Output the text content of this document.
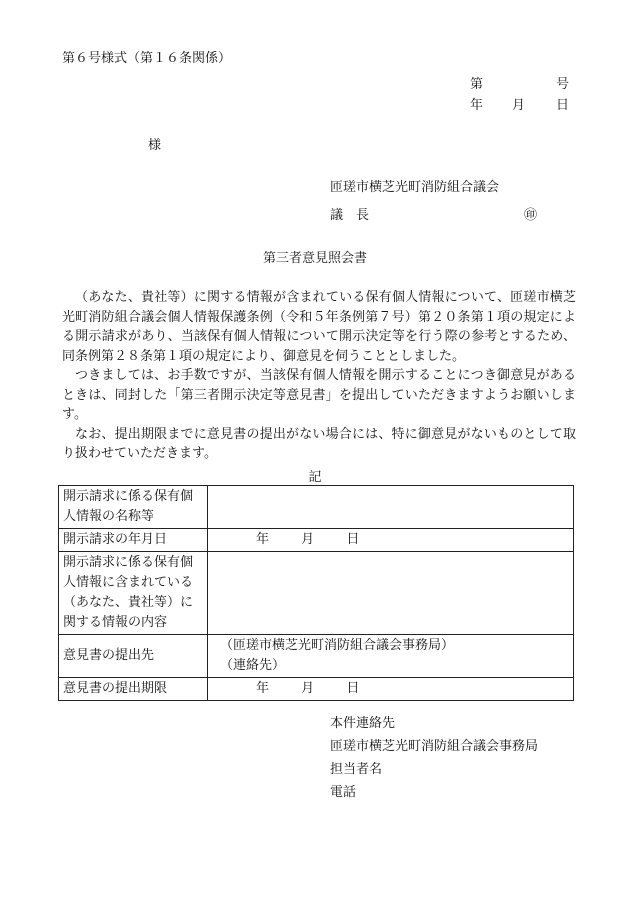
第６号様式（第１６条関係）
第	号
年 月 日
様
匝瑳市横芝光町消防組合議会
議　長	㊞
第三者意見照会書

（あなた、貴社等）に関する情報が含まれている保有個人情報について、匝瑳市横芝光町消防組合議会個人情報保護条例（令和５年条例第７号）第２０条第１項の規定による開示請求があり、当該保有個人情報について開示決定等を行う際の参考とするため、同条例第２８条第１項の規定により、御意見を伺うこととしました。

つきましては、お手数ですが、当該保有個人情報を開示することにつき御意見があるときは、同封した「第三者開示決定等意見書」を提出していただきますようお願いします。

なお、提出期限までに意見書の提出がない場合には、特に御意見がないものとして取り扱わせていただきます。

記
開示請求に係る保有個人情報の名称等	
開示請求の年月日	年 月 日
開示請求に係る保有個人情報に含まれている（あなた、貴社等）に関する情報の内容	
意見書の提出先	（匝瑳市横芝光町消防組合議会事務局）
（連絡先）

意見書の提出期限	年 月 日
本件連絡先
匝瑳市横芝光町消防組合議会事務局
担当者名
電話
